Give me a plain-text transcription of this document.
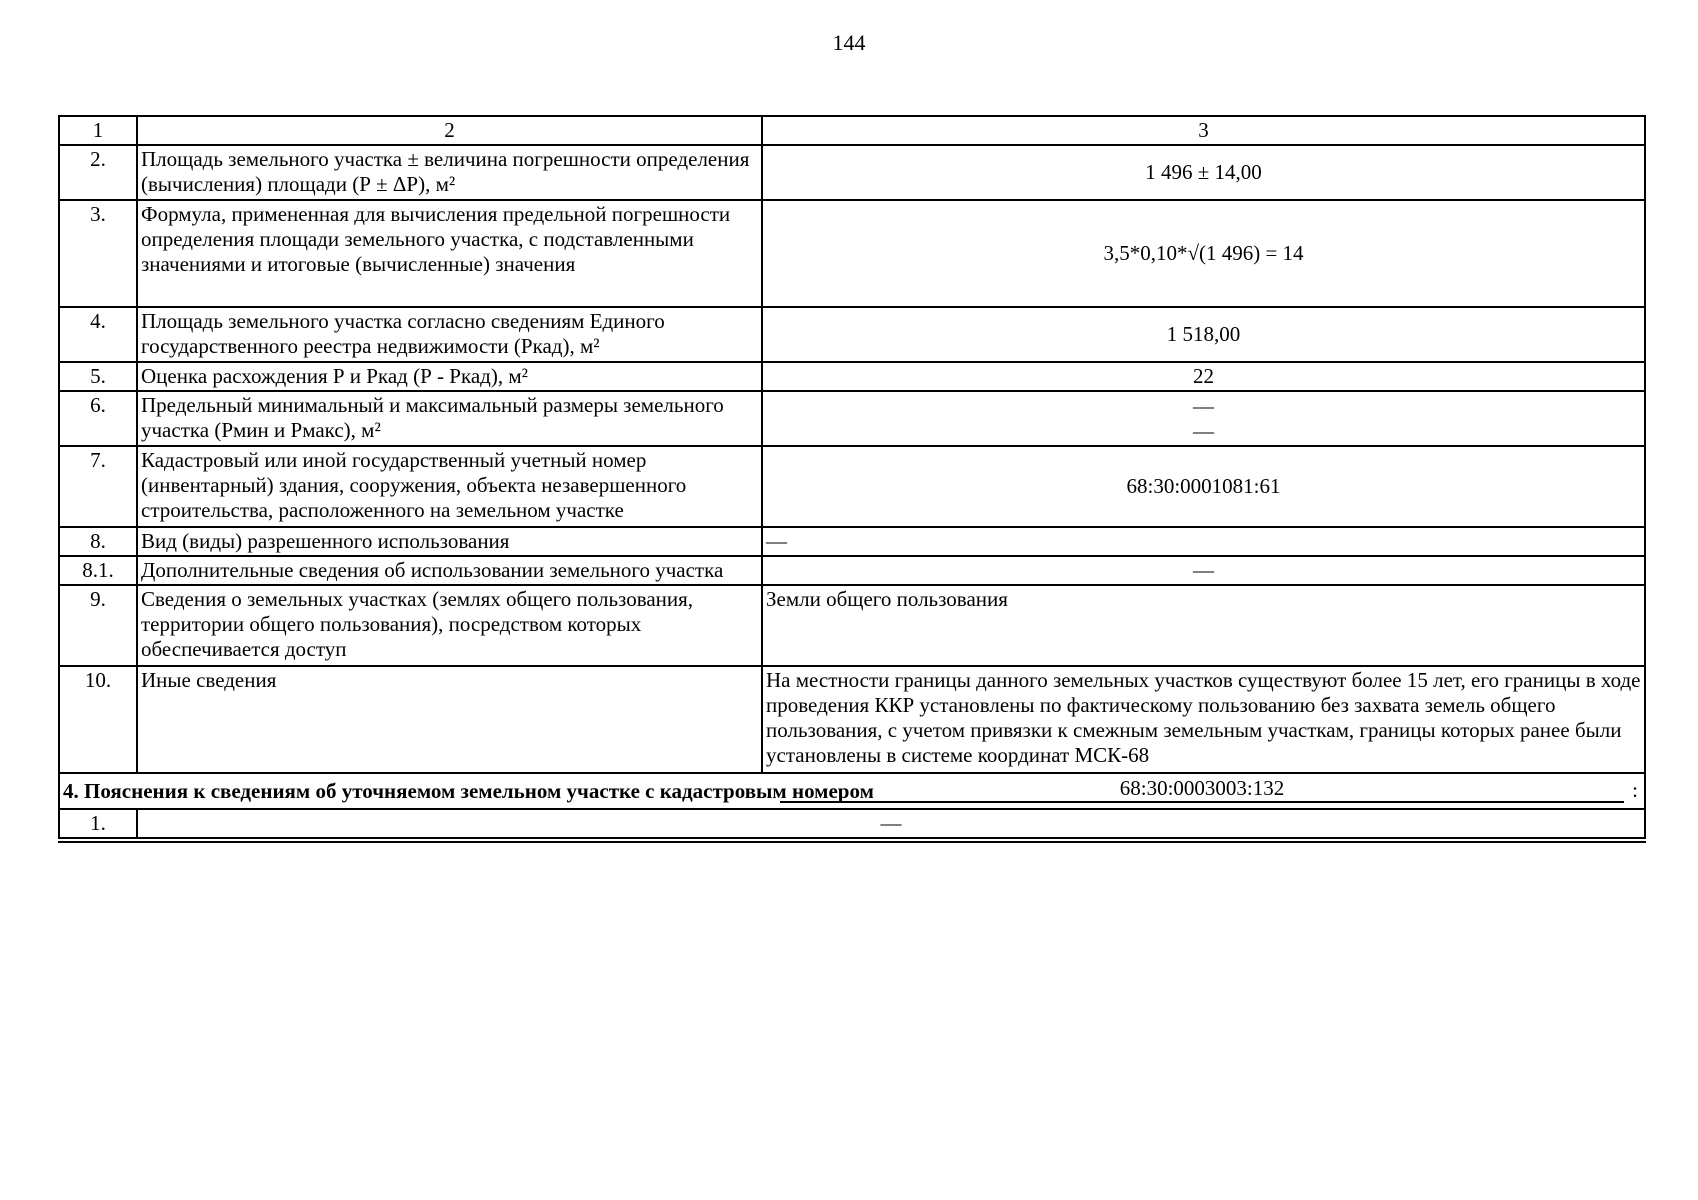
144
1	2	3
2.	Площадь земельного участка ± величина погрешности определения (вычисления) площади (Р ± ΔР), м²	1 496 ± 14,00
3.	Формула, примененная для вычисления предельной погрешности определения площади земельного участка, с подставленными значениями и итоговые (вычисленные) значения	3,5*0,10*√(1 496) = 14
4.	Площадь земельного участка согласно сведениям Единого государственного реестра недвижимости (Ркад), м²	1 518,00
5.	Оценка расхождения Р и Ркад (Р - Ркад), м²	22
6.	Предельный минимальный и максимальный размеры земельного участка (Рмин и Рмакс), м²	—
—

7.	Кадастровый или иной государственный учетный номер (инвентарный) здания, сооружения, объекта незавершенного строительства, расположенного на земельном участке	68:30:0001081:61
8.	Вид (виды) разрешенного использования	—
8.1.	Дополнительные сведения об использовании земельного участка	—
9.	Сведения о земельных участках (землях общего пользования, территории общего пользования), посредством которых обеспечивается доступ	Земли общего пользования
10.	Иные сведения	На местности границы данного земельных участков существуют более 15 лет, его границы в ходе проведения ККР установлены по фактическому пользованию без захвата земель общего пользования, с учетом привязки к смежным земельным участкам, границы которых ранее были установлены в системе координат МСК-68
4. Пояснения к сведениям об уточняемом земельном участке с кадастровым номером		68:30:0003003:132 :

1.	—	
